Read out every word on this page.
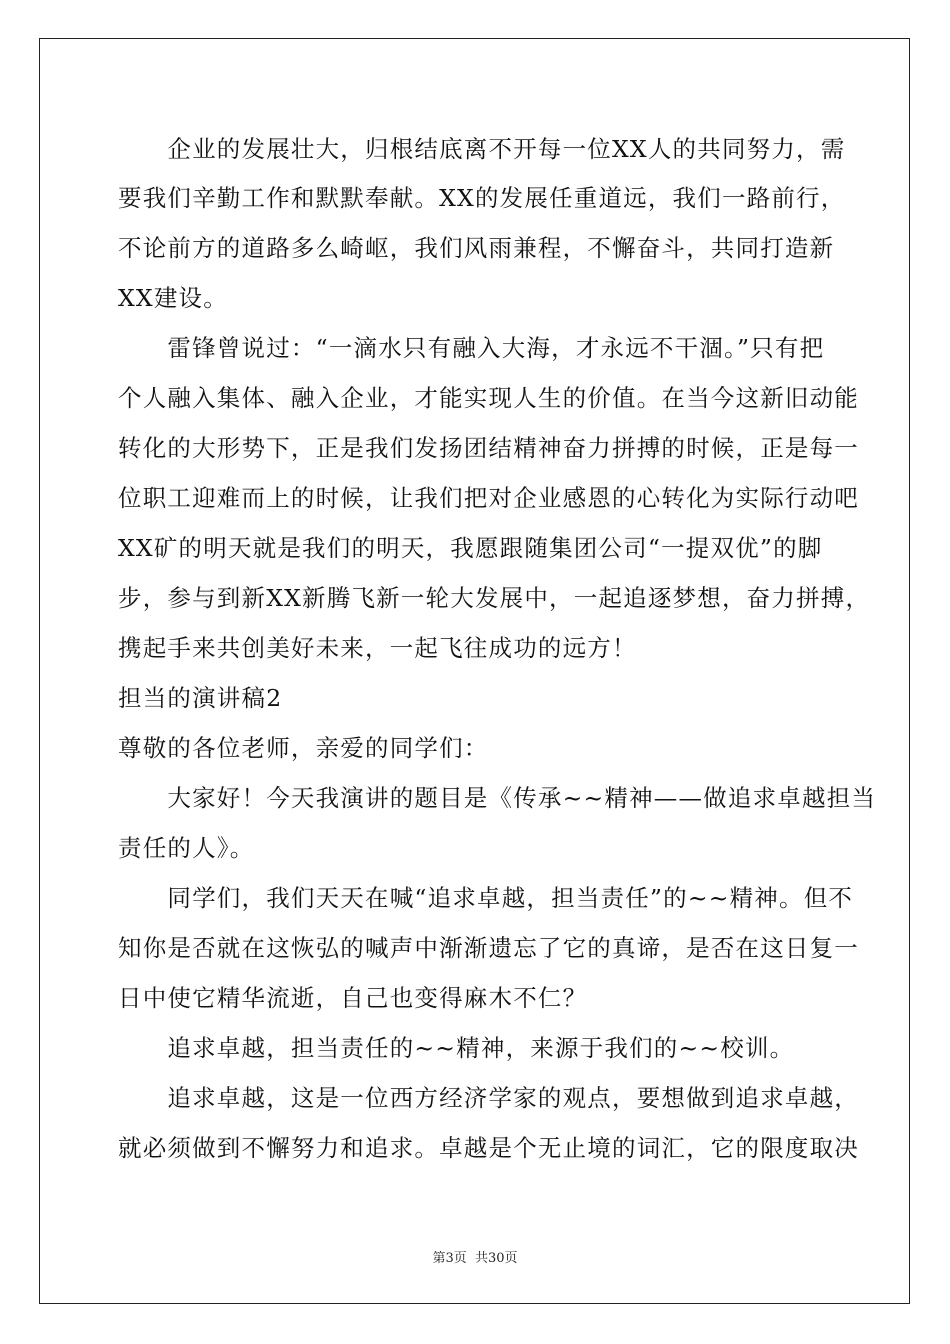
　　企业的发展壮大，归根结底离不开每一位XX人的共同努力，需
要我们辛勤工作和默默奉献。XX的发展任重道远，我们一路前行，
不论前方的道路多么崎岖，我们风雨兼程，不懈奋斗，共同打造新
XX建设。
　　雷锋曾说过：“一滴水只有融入大海，才永远不干涸。”只有把
个人融入集体、融入企业，才能实现人生的价值。在当今这新旧动能
转化的大形势下，正是我们发扬团结精神奋力拼搏的时候，正是每一
位职工迎难而上的时候，让我们把对企业感恩的心转化为实际行动吧
XX矿的明天就是我们的明天，我愿跟随集团公司“一提双优”的脚
步，参与到新XX新腾飞新一轮大发展中，一起追逐梦想，奋力拼搏，
携起手来共创美好未来，一起飞往成功的远方！
担当的演讲稿2
尊敬的各位老师，亲爱的同学们：
　　大家好！今天我演讲的题目是《传承~~精神——做追求卓越担当
责任的人》。
　　同学们，我们天天在喊“追求卓越，担当责任”的~~精神。但不
知你是否就在这恢弘的喊声中渐渐遗忘了它的真谛，是否在这日复一
日中使它精华流逝，自己也变得麻木不仁？
　　追求卓越，担当责任的~~精神，来源于我们的~~校训。
　　追求卓越，这是一位西方经济学家的观点，要想做到追求卓越，
就必须做到不懈努力和追求。卓越是个无止境的词汇，它的限度取决
第3页 共30页
